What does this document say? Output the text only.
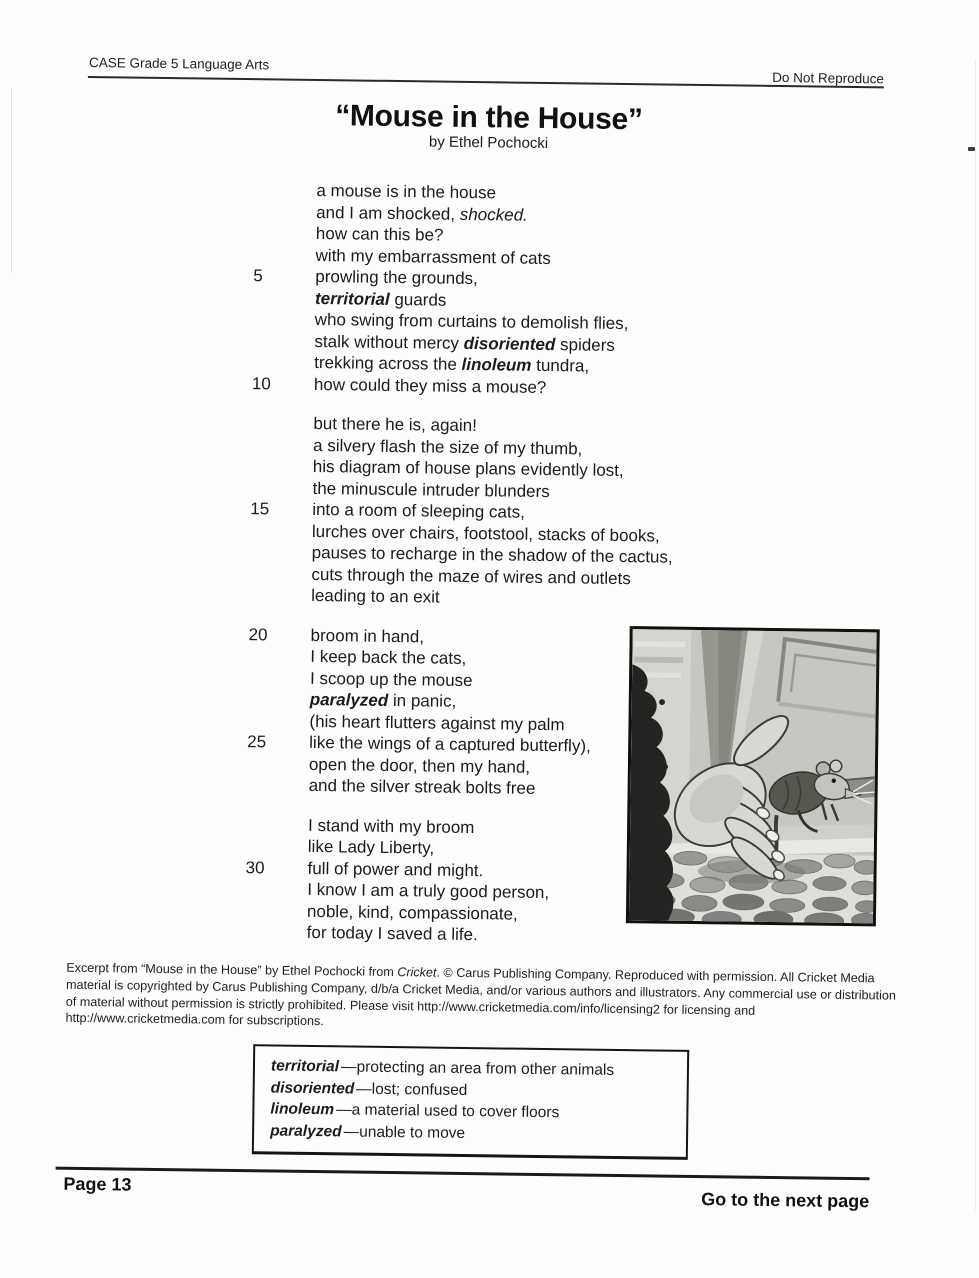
CASE Grade 5 Language Arts
Do Not Reproduce
“Mouse in the House”
by Ethel Pochocki
a mouse is in the house
and I am shocked, shocked.
how can this be?
with my embarrassment of cats
5	prowling the grounds,
territorial guards
who swing from curtains to demolish flies,
stalk without mercy disoriented spiders
trekking across the linoleum tundra,
10	how could they miss a mouse?
but there he is, again!
a silvery flash the size of my thumb,
his diagram of house plans evidently lost,
the minuscule intruder blunders
15	into a room of sleeping cats,
lurches over chairs, footstool, stacks of books,
pauses to recharge in the shadow of the cactus,
cuts through the maze of wires and outlets
leading to an exit
20	broom in hand,
I keep back the cats,
I scoop up the mouse
paralyzed in panic,
(his heart flutters against my palm
25	like the wings of a captured butterfly),
open the door, then my hand,
and the silver streak bolts free
I stand with my broom
like Lady Liberty,
30	full of power and might.
I know I am a truly good person,
noble, kind, compassionate,
for today I saved a life.
Excerpt from “Mouse in the House” by Ethel Pochocki from Cricket. © Carus Publishing Company. Reproduced with permission. All Cricket Media material is copyrighted by Carus Publishing Company, d/b/a Cricket Media, and/or various authors and illustrators. Any commercial use or distribution of material without permission is strictly prohibited. Please visit http://www.cricketmedia.com/info/licensing2 for licensing and http://www.cricketmedia.com for subscriptions.
territorial —protecting an area from other animals
disoriented —lost; confused
linoleum —a material used to cover floors
paralyzed —unable to move
Page 13
Go to the next page
